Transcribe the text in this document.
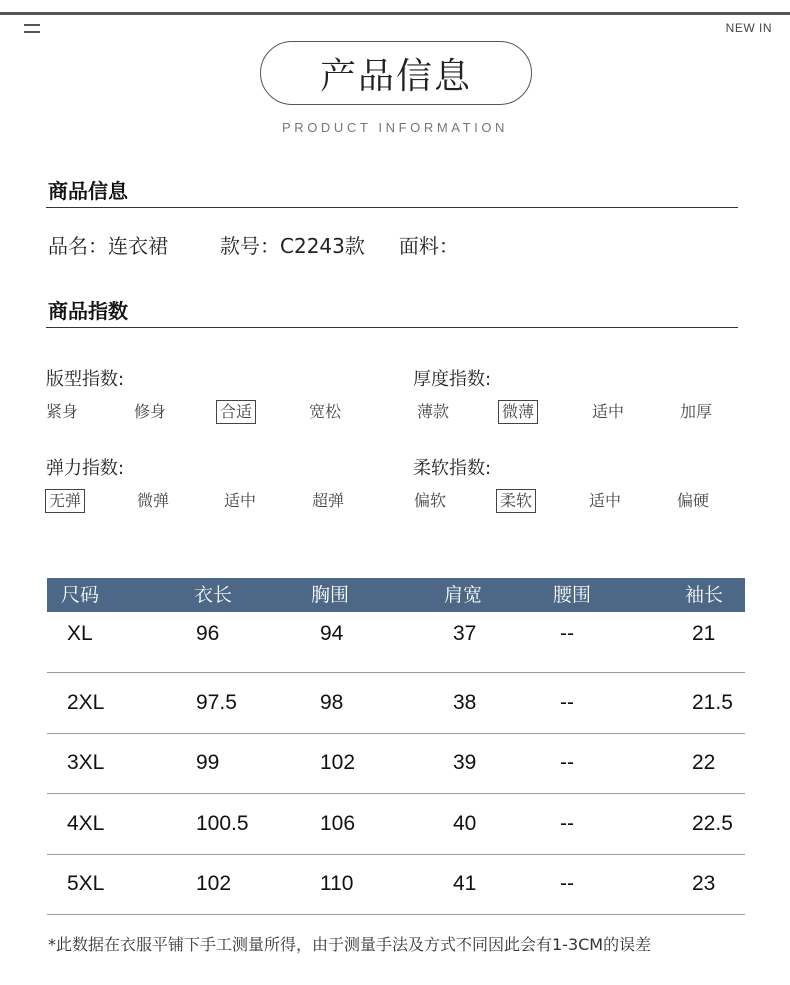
NEW IN
产品信息
PRODUCT INFORMATION
商品信息
品名：连衣裙	款号：C2243款 面料：
商品指数
版型指数:
紧身	修身	合适	宽松
厚度指数:
薄款	微薄	适中	加厚
弹力指数:
无弹	微弹	适中	超弹
柔软指数:
偏软	柔软	适中	偏硬
尺码	衣长	胸围	肩宽	腰围	袖长
XL	96	94	37	--	21
2XL	97.5	98	38	--	21.5
3XL	99	102	39	--	22
4XL	100.5	106	40	--	22.5
5XL	102	110	41	--	23
*此数据在衣服平铺下手工测量所得，由于测量手法及方式不同因此会有1-3CM的误差
